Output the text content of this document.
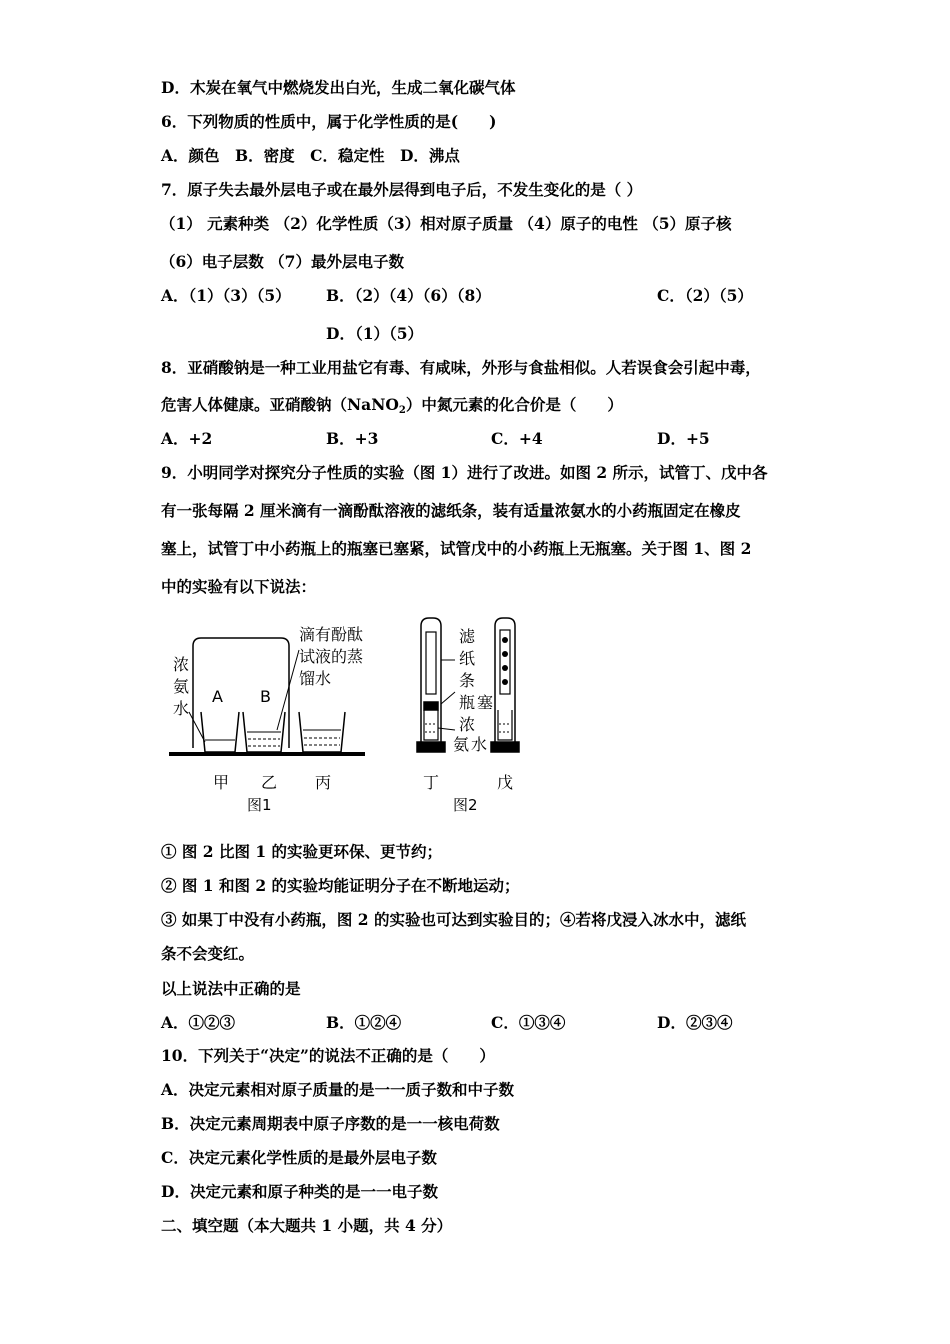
D．木炭在氧气中燃烧发出白光，生成二氧化碳气体
6．下列物质的性质中，属于化学性质的是(　　)
A．颜色　B．密度　C．稳定性　D．沸点
7．原子失去最外层电子或在最外层得到电子后，不发生变化的是（ ）
（1） 元素种类 （2）化学性质（3）相对原子质量 （4）原子的电性 （5）原子核
（6）电子层数 （7）最外层电子数
A．（1）（3）（5） B．（2）（4）（6）（8）	C．（2）（5）
D．（1）（5）
8．亚硝酸钠是一种工业用盐它有毒、有咸味，外形与食盐相似。人若误食会引起中毒，
危害人体健康。亚硝酸钠（NaNO$_2$）中氮元素的化合价是（　　）
A．+2	B．+3	C．+4	D．+5
9．小明同学对探究分子性质的实验（图 1）进行了改进。如图 2 所示，试管丁、戊中各
有一张每隔 2 厘米滴有一滴酚酞溶液的滤纸条，装有适量浓氨水的小药瓶固定在橡皮
塞上，试管丁中小药瓶上的瓶塞已塞紧，试管戊中的小药瓶上无瓶塞。关于图 1、图 2
中的实验有以下说法：
浓
氨
水
A B
滴有酚酞
试液的蒸
馏水
甲 乙 丙
图1
滤
纸
条
瓶 塞
浓
氨 水
丁	戊
图2
① 图 2 比图 1 的实验更环保、更节约；
② 图 1 和图 2 的实验均能证明分子在不断地运动；
③ 如果丁中没有小药瓶，图 2 的实验也可达到实验目的；④若将戊浸入冰水中，滤纸
条不会变红。
以上说法中正确的是
A．①②③	B．①②④	C．①③④	D．②③④
10．下列关于“决定”的说法不正确的是（　　）
A．决定元素相对原子质量的是一一质子数和中子数
B．决定元素周期表中原子序数的是一一核电荷数
C．决定元素化学性质的是最外层电子数
D．决定元素和原子种类的是一一电子数
二、填空题（本大题共 1 小题，共 4 分）
